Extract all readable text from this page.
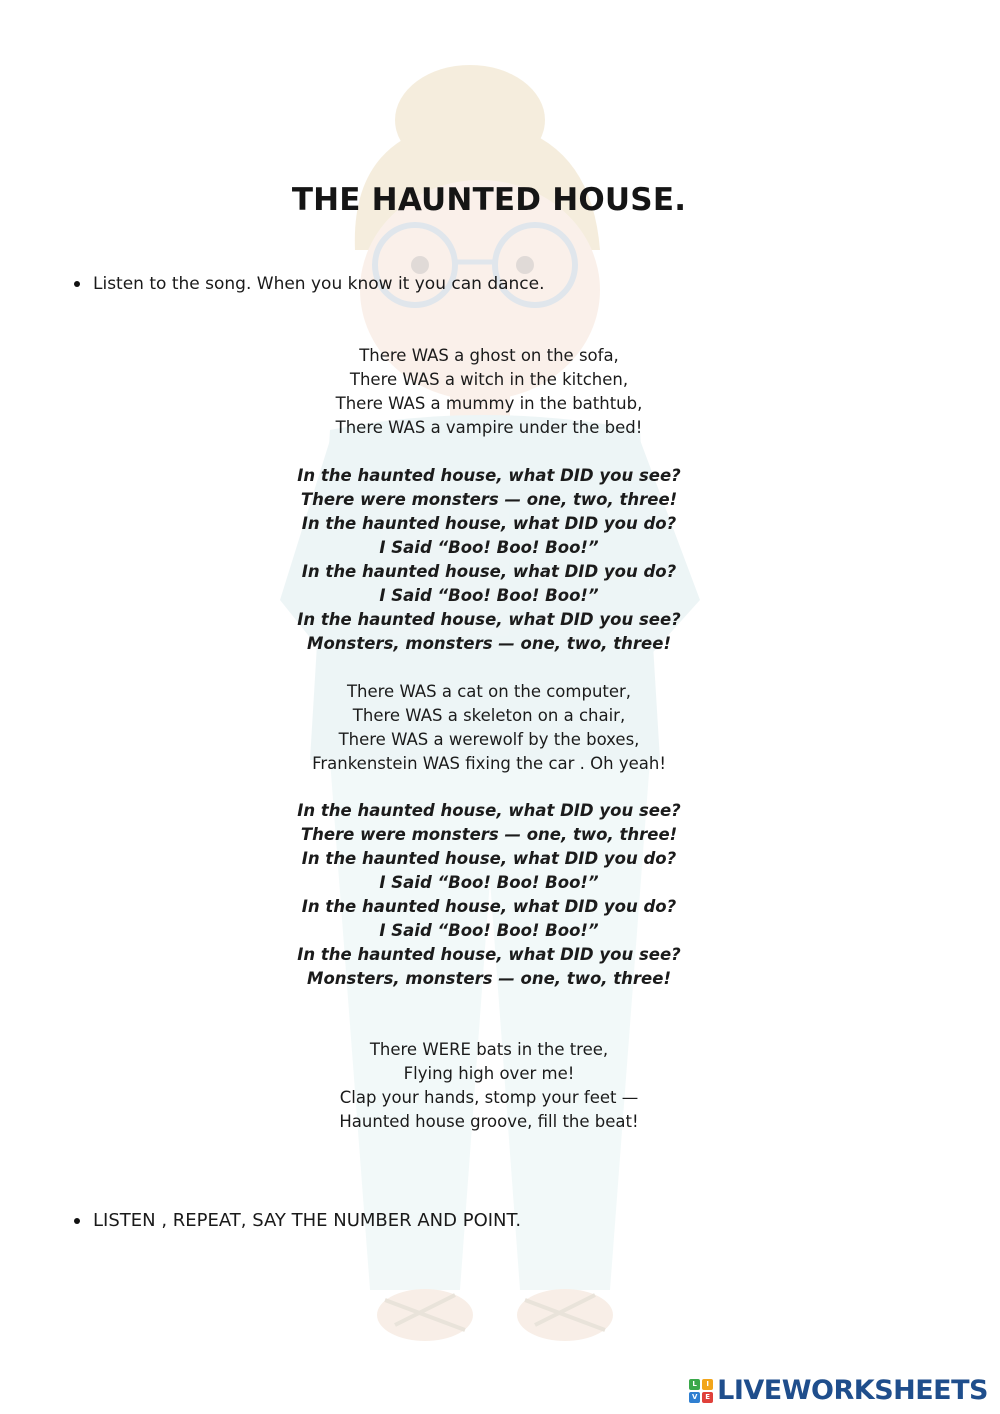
THE HAUNTED HOUSE.
Listen to the song. When you know it you can dance.
There WAS a ghost on the sofa,
There WAS a witch in the kitchen,
There WAS a mummy in the bathtub,
There WAS a vampire under the bed!
In the haunted house, what DID you see?
There were monsters — one, two, three!
In the haunted house, what DID you do?
I Said “Boo! Boo! Boo!”
In the haunted house, what DID you do?
I Said “Boo! Boo! Boo!”
In the haunted house, what DID you see?
Monsters, monsters — one, two, three!
There WAS a cat on the computer,
There WAS a skeleton on a chair,
There WAS a werewolf by the boxes,
Frankenstein WAS fixing the car . Oh yeah!
In the haunted house, what DID you see?
There were monsters — one, two, three!
In the haunted house, what DID you do?
I Said “Boo! Boo! Boo!”
In the haunted house, what DID you do?
I Said “Boo! Boo! Boo!”
In the haunted house, what DID you see?
Monsters, monsters — one, two, three!
There WERE bats in the tree,
Flying high over me!
Clap your hands, stomp your feet —
Haunted house groove, fill the beat!
LISTEN , REPEAT, SAY THE NUMBER AND POINT.
L	I
V	E LIVEWORKSHEETS
